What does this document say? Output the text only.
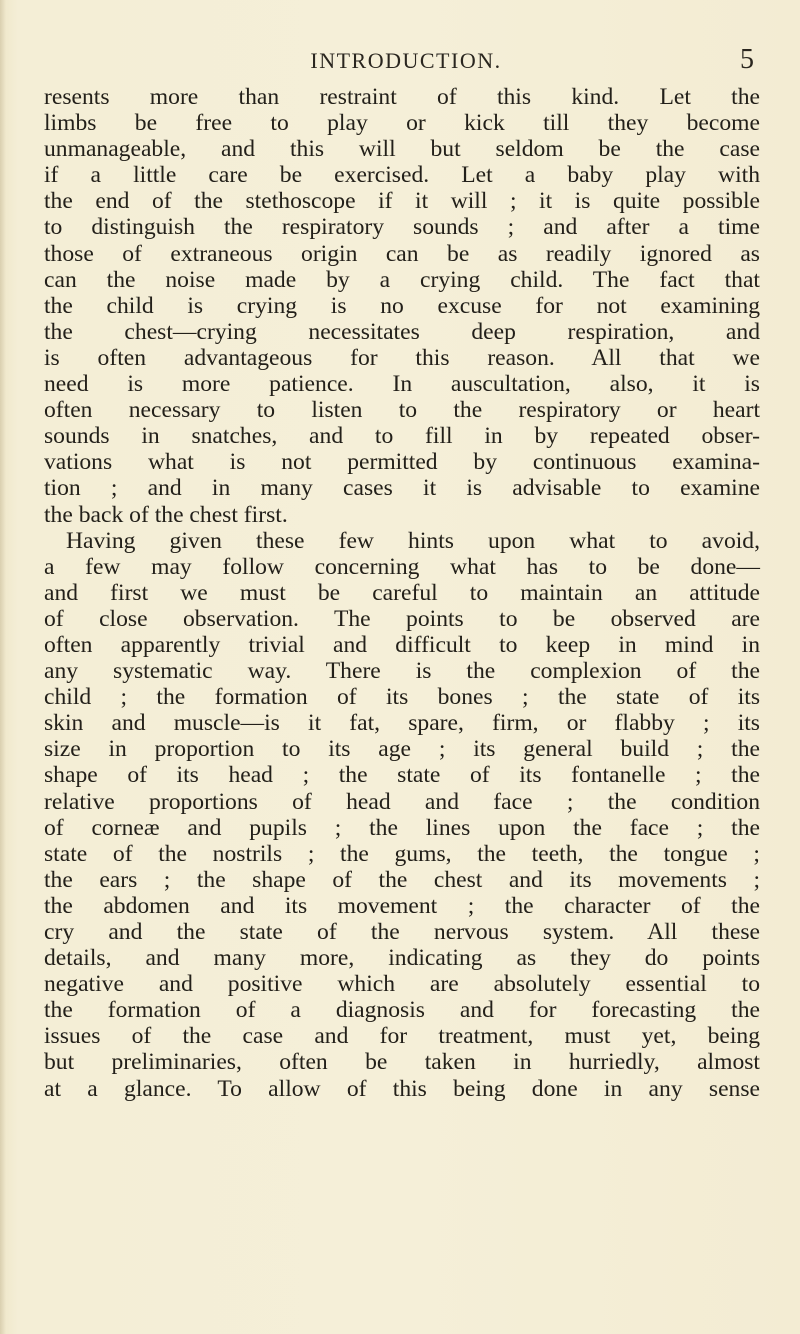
INTRODUCTION.	5
resents more than restraint of this kind. Let the
limbs be free to play or kick till they become
unmanageable, and this will but seldom be the case
if a little care be exercised. Let a baby play with
the end of the stethoscope if it will ; it is quite possible
to distinguish the respiratory sounds ; and after a time
those of extraneous origin can be as readily ignored as
can the noise made by a crying child. The fact that
the child is crying is no excuse for not examining
the chest—crying necessitates deep respiration, and
is often advantageous for this reason. All that we
need is more patience. In auscultation, also, it is
often necessary to listen to the respiratory or heart
sounds in snatches, and to fill in by repeated obser-
vations what is not permitted by continuous examina-
tion ; and in many cases it is advisable to examine
the back of the chest first.
Having given these few hints upon what to avoid,
a few may follow concerning what has to be done—
and first we must be careful to maintain an attitude
of close observation. The points to be observed are
often apparently trivial and difficult to keep in mind in
any systematic way. There is the complexion of the
child ; the formation of its bones ; the state of its
skin and muscle—is it fat, spare, firm, or flabby ; its
size in proportion to its age ; its general build ; the
shape of its head ; the state of its fontanelle ; the
relative proportions of head and face ; the condition
of corneæ and pupils ; the lines upon the face ; the
state of the nostrils ; the gums, the teeth, the tongue ;
the ears ; the shape of the chest and its movements ;
the abdomen and its movement ; the character of the
cry and the state of the nervous system. All these
details, and many more, indicating as they do points
negative and positive which are absolutely essential to
the formation of a diagnosis and for forecasting the
issues of the case and for treatment, must yet, being
but preliminaries, often be taken in hurriedly, almost
at a glance. To allow of this being done in any sense
